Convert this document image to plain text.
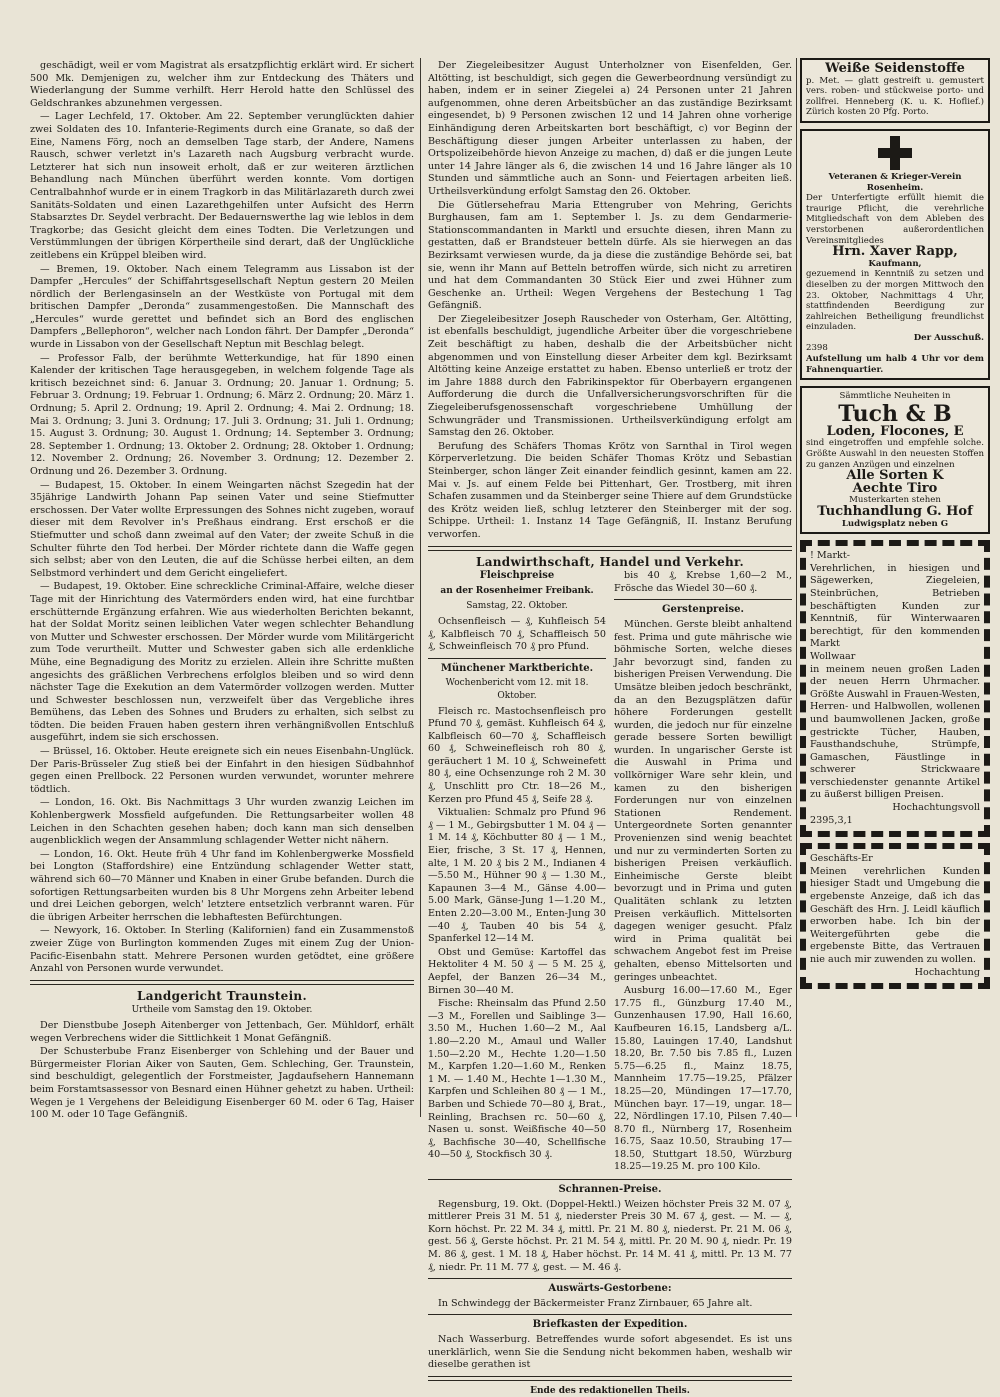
geschädigt, weil er vom Magistrat als ersatzpflichtig erklärt wird. Er sichert 500 Mk. Demjenigen zu, welcher ihm zur Entdeckung des Thäters und Wiederlangung der Summe verhilft. Herr Herold hatte den Schlüssel des Geldschrankes abzunehmen vergessen.

— Lager Lechfeld, 17. Oktober. Am 22. September verunglückten dahier zwei Soldaten des 10. Infanterie-Regiments durch eine Granate, so daß der Eine, Namens Förg, noch an demselben Tage starb, der Andere, Namens Rausch, schwer verletzt in's Lazareth nach Augsburg verbracht wurde. Letzterer hat sich nun insoweit erholt, daß er zur weiteren ärztlichen Behandlung nach München überführt werden konnte. Vom dortigen Centralbahnhof wurde er in einem Tragkorb in das Militärlazareth durch zwei Sanitäts-Soldaten und einen Lazarethgehilfen unter Aufsicht des Herrn Stabsarztes Dr. Seydel verbracht. Der Bedauernswerthe lag wie leblos in dem Tragkorbe; das Gesicht gleicht dem eines Todten. Die Verletzungen und Verstümmlungen der übrigen Körpertheile sind derart, daß der Unglückliche zeitlebens ein Krüppel bleiben wird.

— Bremen, 19. Oktober. Nach einem Telegramm aus Lissabon ist der Dampfer „Hercules“ der Schiffahrtsgesellschaft Neptun gestern 20 Meilen nördlich der Berlengasinseln an der Westküste von Portugal mit dem britischen Dampfer „Deronda“ zusammengestoßen. Die Mannschaft des „Hercules“ wurde gerettet und befindet sich an Bord des englischen Dampfers „Bellephoron“, welcher nach London fährt. Der Dampfer „Deronda“ wurde in Lissabon von der Gesellschaft Neptun mit Beschlag belegt.

— Professor Falb, der berühmte Wetterkundige, hat für 1890 einen Kalender der kritischen Tage herausgegeben, in welchem folgende Tage als kritisch bezeichnet sind: 6. Januar 3. Ordnung; 20. Januar 1. Ordnung; 5. Februar 3. Ordnung; 19. Februar 1. Ordnung; 6. März 2. Ordnung; 20. März 1. Ordnung; 5. April 2. Ordnung; 19. April 2. Ordnung; 4. Mai 2. Ordnung; 18. Mai 3. Ordnung; 3. Juni 3. Ordnung; 17. Juli 3. Ordnung; 31. Juli 1. Ordnung; 15. August 3. Ordnung; 30. August 1. Ordnung; 14. September 3. Ordnung; 28. September 1. Ordnung; 13. Oktober 2. Ordnung; 28. Oktober 1. Ordnung; 12. November 2. Ordnung; 26. November 3. Ordnung; 12. Dezember 2. Ordnung und 26. Dezember 3. Ordnung.

— Budapest, 15. Oktober. In einem Weingarten nächst Szegedin hat der 35jährige Landwirth Johann Pap seinen Vater und seine Stiefmutter erschossen. Der Vater wollte Erpressungen des Sohnes nicht zugeben, worauf dieser mit dem Revolver in's Preßhaus eindrang. Erst erschoß er die Stiefmutter und schoß dann zweimal auf den Vater; der zweite Schuß in die Schulter führte den Tod herbei. Der Mörder richtete dann die Waffe gegen sich selbst; aber von den Leuten, die auf die Schüsse herbei eilten, an dem Selbstmord verhindert und dem Gericht eingeliefert.

— Budapest, 19. Oktober. Eine schreckliche Criminal-Affaire, welche dieser Tage mit der Hinrichtung des Vatermörders enden wird, hat eine furchtbar erschütternde Ergänzung erfahren. Wie aus wiederholten Berichten bekannt, hat der Soldat Moritz seinen leiblichen Vater wegen schlechter Behandlung von Mutter und Schwester erschossen. Der Mörder wurde vom Militärgericht zum Tode verurtheilt. Mutter und Schwester gaben sich alle erdenkliche Mühe, eine Begnadigung des Moritz zu erzielen. Allein ihre Schritte mußten angesichts des gräßlichen Verbrechens erfolglos bleiben und so wird denn nächster Tage die Exekution an dem Vatermörder vollzogen werden. Mutter und Schwester beschlossen nun, verzweifelt über das Vergebliche ihres Bemühens, das Leben des Sohnes und Bruders zu erhalten, sich selbst zu tödten. Die beiden Frauen haben gestern ihren verhängnißvollen Entschluß ausgeführt, indem sie sich erschossen.

— Brüssel, 16. Oktober. Heute ereignete sich ein neues Eisenbahn-Unglück. Der Paris-Brüsseler Zug stieß bei der Einfahrt in den hiesigen Südbahnhof gegen einen Prellbock. 22 Personen wurden verwundet, worunter mehrere tödtlich.

— London, 16. Okt. Bis Nachmittags 3 Uhr wurden zwanzig Leichen im Kohlenbergwerk Mossfield aufgefunden. Die Rettungsarbeiter wollen 48 Leichen in den Schachten gesehen haben; doch kann man sich denselben augenblicklich wegen der Ansammlung schlagender Wetter nicht nähern.

— London, 16. Okt. Heute früh 4 Uhr fand im Kohlenbergwerke Mossfield bei Longton (Staffordshire) eine Entzündung schlagender Wetter statt, während sich 60—70 Männer und Knaben in einer Grube befanden. Durch die sofortigen Rettungsarbeiten wurden bis 8 Uhr Morgens zehn Arbeiter lebend und drei Leichen geborgen, welch' letztere entsetzlich verbrannt waren. Für die übrigen Arbeiter herrschen die lebhaftesten Befürchtungen.

— Newyork, 16. Oktober. In Sterling (Kalifornien) fand ein Zusammenstoß zweier Züge von Burlington kommenden Zuges mit einem Zug der Union-Pacific-Eisenbahn statt. Mehrere Personen wurden getödtet, eine größere Anzahl von Personen wurde verwundet.

Landgericht Traunstein.
Urtheile vom Samstag den 19. Oktober.

Der Dienstbube Joseph Aitenberger von Jettenbach, Ger. Mühldorf, erhält wegen Verbrechens wider die Sittlichkeit 1 Monat Gefängniß.

Der Schusterbube Franz Eisenberger von Schlehing und der Bauer und Bürgermeister Florian Aiker von Sauten, Gem. Schleching, Ger. Traunstein, sind beschuldigt, gelegentlich der Forstmeister, Jagdaufsehern Hannemann beim Forstamtsassessor von Besnard einen Hühner gehetzt zu haben. Urtheil: Wegen je 1 Vergehens der Beleidigung Eisenberger 60 M. oder 6 Tag, Haiser 100 M. oder 10 Tage Gefängniß.

Der Ziegeleibesitzer August Unterholzner von Eisenfelden, Ger. Altötting, ist beschuldigt, sich gegen die Gewerbeordnung versündigt zu haben, indem er in seiner Ziegelei a) 24 Personen unter 21 Jahren aufgenommen, ohne deren Arbeitsbücher an das zuständige Bezirksamt eingesendet, b) 9 Personen zwischen 12 und 14 Jahren ohne vorherige Einhändigung deren Arbeitskarten bort beschäftigt, c) vor Beginn der Beschäftigung dieser jungen Arbeiter unterlassen zu haben, der Ortspolizeibehörde hievon Anzeige zu machen, d) daß er die jungen Leute unter 14 Jahre länger als 6, die zwischen 14 und 16 Jahre länger als 10 Stunden und sämmtliche auch an Sonn- und Feiertagen arbeiten ließ. Urtheilsverkündung erfolgt Samstag den 26. Oktober.

Die Gütlersehefrau Maria Ettengruber von Mehring, Gerichts Burghausen, fam am 1. September l. Js. zu dem Gendarmerie-Stationscommandanten in Marktl und ersuchte diesen, ihren Mann zu gestatten, daß er Brandsteuer betteln dürfe. Als sie hierwegen an das Bezirksamt verwiesen wurde, da ja diese die zuständige Behörde sei, bat sie, wenn ihr Mann auf Betteln betroffen würde, sich nicht zu arretiren und hat dem Commandanten 30 Stück Eier und zwei Hühner zum Geschenke an. Urtheil: Wegen Vergehens der Bestechung 1 Tag Gefängniß.

Der Ziegeleibesitzer Joseph Rauscheder von Osterham, Ger. Altötting, ist ebenfalls beschuldigt, jugendliche Arbeiter über die vorgeschriebene Zeit beschäftigt zu haben, deshalb die der Arbeitsbücher nicht abgenommen und von Einstellung dieser Arbeiter dem kgl. Bezirksamt Altötting keine Anzeige erstattet zu haben. Ebenso unterließ er trotz der im Jahre 1888 durch den Fabrikinspektor für Oberbayern ergangenen Aufforderung die durch die Unfallversicherungsvorschriften für die Ziegeleiberufsgenossenschaft vorgeschriebene Umhüllung der Schwungräder und Transmissionen. Urtheilsverkündigung erfolgt am Samstag den 26. Oktober.

Berufung des Schäfers Thomas Krötz von Sarnthal in Tirol wegen Körperverletzung. Die beiden Schäfer Thomas Krötz und Sebastian Steinberger, schon länger Zeit einander feindlich gesinnt, kamen am 22. Mai v. Js. auf einem Felde bei Pittenhart, Ger. Trostberg, mit ihren Schafen zusammen und da Steinberger seine Thiere auf dem Grundstücke des Krötz weiden ließ, schlug letzterer den Steinberger mit der sog. Schippe. Urtheil: 1. Instanz 14 Tage Gefängniß, II. Instanz Berufung verworfen.

Landwirthschaft, Handel und Verkehr.
Fleischpreise
an der Rosenheimer Freibank.
Samstag, 22. Oktober.

Ochsenfleisch — ₰, Kuhfleisch 54 ₰, Kalbfleisch 70 ₰, Schaffleisch 50 ₰, Schweinfleisch 70 ₰ pro Pfund.

Münchener Marktberichte.
Wochenbericht vom 12. mit 18. Oktober.

Fleisch rc. Mastochsenfleisch pro Pfund 70 ₰, gemäst. Kuhfleisch 64 ₰, Kalbfleisch 60—70 ₰, Schaffleisch 60 ₰, Schweinefleisch roh 80 ₰, geräuchert 1 M. 10 ₰, Schweinefett 80 ₰, eine Ochsenzunge roh 2 M. 30 ₰, Unschlitt pro Ctr. 18—26 M., Kerzen pro Pfund 45 ₰, Seife 28 ₰.

Viktualien: Schmalz pro Pfund 96 ₰ — 1 M., Gebirgsbutter 1 M. 04 ₰ — 1 M. 14 ₰, Köchbutter 80 ₰ — 1 M., Eier, frische, 3 St. 17 ₰, Hennen, alte, 1 M. 20 ₰ bis 2 M., Indianen 4—5.50 M., Hühner 90 ₰ — 1.30 M., Kapaunen 3—4 M., Gänse 4.00—5.00 Mark, Gänse-Jung 1—1.20 M., Enten 2.20—3.00 M., Enten-Jung 30—40 ₰, Tauben 40 bis 54 ₰, Spanferkel 12—14 M.

Obst und Gemüse: Kartoffel das Hektoliter 4 M. 50 ₰ — 5 M. 25 ₰, Aepfel, der Banzen 26—34 M., Birnen 30—40 M.

Fische: Rheinsalm das Pfund 2.50—3 M., Forellen und Saiblinge 3—3.50 M., Huchen 1.60—2 M., Aal 1.80—2.20 M., Amaul und Waller 1.50—2.20 M., Hechte 1.20—1.50 M., Karpfen 1.20—1.60 M., Renken 1 M. — 1.40 M., Hechte 1—1.30 M., Karpfen und Schleihen 80 ₰ — 1 M., Barben und Schiede 70—80 ₰, Brat., Reinling, Brachsen rc. 50—60 ₰, Nasen u. sonst. Weißfische 40—50 ₰, Bachfische 30—40, Schellfische 40—50 ₰, Stockfisch 30 ₰.

bis 40 ₰, Krebse 1,60—2 M., Frösche das Wiedel 30—60 ₰.

Gerstenpreise.

München. Gerste bleibt anhaltend fest. Prima und gute mährische wie böhmische Sorten, welche dieses Jahr bevorzugt sind, fanden zu bisherigen Preisen Verwendung. Die Umsätze bleiben jedoch beschränkt, da an den Bezugsplätzen dafür höhere Forderungen gestellt wurden, die jedoch nur für einzelne gerade bessere Sorten bewilligt wurden. In ungarischer Gerste ist die Auswahl in Prima und vollkörniger Ware sehr klein, und kamen zu den bisherigen Forderungen nur von einzelnen Stationen Rendement. Untergeordnete Sorten genannter Provenienzen sind wenig beachtet und nur zu verminderten Sorten zu bisherigen Preisen verkäuflich. Einheimische Gerste bleibt bevorzugt und in Prima und guten Qualitäten schlank zu letzten Preisen verkäuflich. Mittelsorten dagegen weniger gesucht. Pfalz wird in Prima qualität bei schwachem Angebot fest im Preise gehalten, ebenso Mittelsorten und geringes unbeachtet.

Ausburg 16.00—17.60 M., Eger 17.75 fl., Günzburg 17.40 M., Gunzenhausen 17.90, Hall 16.60, Kaufbeuren 16.15, Landsberg a/L. 15.80, Lauingen 17.40, Landshut 18.20, Br. 7.50 bis 7.85 fl., Luzen 5.75—6.25 fl., Mainz 18.75, Mannheim 17.75—19.25, Pfälzer 18.25—20, Mündingen 17—17.70, München bayr. 17—19, ungar. 18—22, Nördlingen 17.10, Pilsen 7.40—8.70 fl., Nürnberg 17, Rosenheim 16.75, Saaz 10.50, Straubing 17—18.50, Stuttgart 18.50, Würzburg 18.25—19.25 M. pro 100 Kilo.

Schrannen-Preise.

Regensburg, 19. Okt. (Doppel-Hektl.) Weizen höchster Preis 32 M. 07 ₰, mittlerer Preis 31 M. 51 ₰, niederster Preis 30 M. 67 ₰, gest. — M. — ₰, Korn höchst. Pr. 22 M. 34 ₰, mittl. Pr. 21 M. 80 ₰, niederst. Pr. 21 M. 06 ₰, gest. 56 ₰, Gerste höchst. Pr. 21 M. 54 ₰, mittl. Pr. 20 M. 90 ₰, niedr. Pr. 19 M. 86 ₰, gest. 1 M. 18 ₰, Haber höchst. Pr. 14 M. 41 ₰, mittl. Pr. 13 M. 77 ₰, niedr. Pr. 11 M. 77 ₰, gest. — M. 46 ₰.

Auswärts-Gestorbene:

In Schwindegg der Bäckermeister Franz Zirnbauer, 65 Jahre alt.

Briefkasten der Expedition.

Nach Wasserburg. Betreffendes wurde sofort abgesendet. Es ist uns unerklärlich, wenn Sie die Sendung nicht bekommen haben, weshalb wir dieselbe gerathen ist

Ende des redaktionellen Theils.
Weiße Seidenstoffe
p. Met. — glatt gestreift u. gemustert vers. roben- und stückweise porto- und zollfrei. Henneberg (K. u. K. Hoflief.) Zürich kosten 20 Pfg. Porto.
Veteranen & Krieger-Verein Rosenheim.
Der Unterfertigte erfüllt hiemit die traurige Pflicht, die verehrliche Mitgliedschaft von dem Ableben des verstorbenen außerordentlichen Vereinsmitgliedes
Hrn. Xaver Rapp,
Kaufmann,
gezuemend in Kenntniß zu setzen und dieselben zu der morgen Mittwoch den 23. Oktober, Nachmittags 4 Uhr, stattfindenden Beerdigung zur zahlreichen Betheiligung freundlichst einzuladen.
Der Ausschuß.
2398
Aufstellung um halb 4 Uhr vor dem Fahnenquartier.
Sämmtliche Neuheiten in
Tuch & B
Loden, Flocones, E
sind eingetroffen und empfehle solche. Größte Auswahl in den neuesten Stoffen zu ganzen Anzügen und einzelnen
Alle Sorten K
Aechte Tiro
Musterkarten stehen
Tuchhandlung G. Hof
Ludwigsplatz neben G
! Markt-
Verehrlichen, in hiesigen und Sägewerken, Ziegeleien, Steinbrüchen, Betrieben beschäftigten Kunden zur Kenntniß, für Winterwaaren berechtigt, für den kommenden Markt
Wollwaar
in meinem neuen großen Laden der neuen Herrn Uhrmacher. Größte Auswahl in Frauen-Westen, Herren- und Halbwollen, wollenen und baumwollenen Jacken, große gestrickte Tücher, Hauben, Fausthandschuhe, Strümpfe, Gamaschen, Fäustlinge in schwerer Strickwaare verschiedenster genannte Artikel zu äußerst billigen Preisen.
Hochachtungsvoll
2395,3,1
Geschäfts-Er
Meinen verehrlichen Kunden hiesiger Stadt und Umgebung die ergebenste Anzeige, daß ich das Geschäft des Hrn. J. Leidl käuflich erworben habe. Ich bin der Weitergeführten gebe die ergebenste Bitte, das Vertrauen nie auch mir zuwenden zu wollen.
Hochachtung
